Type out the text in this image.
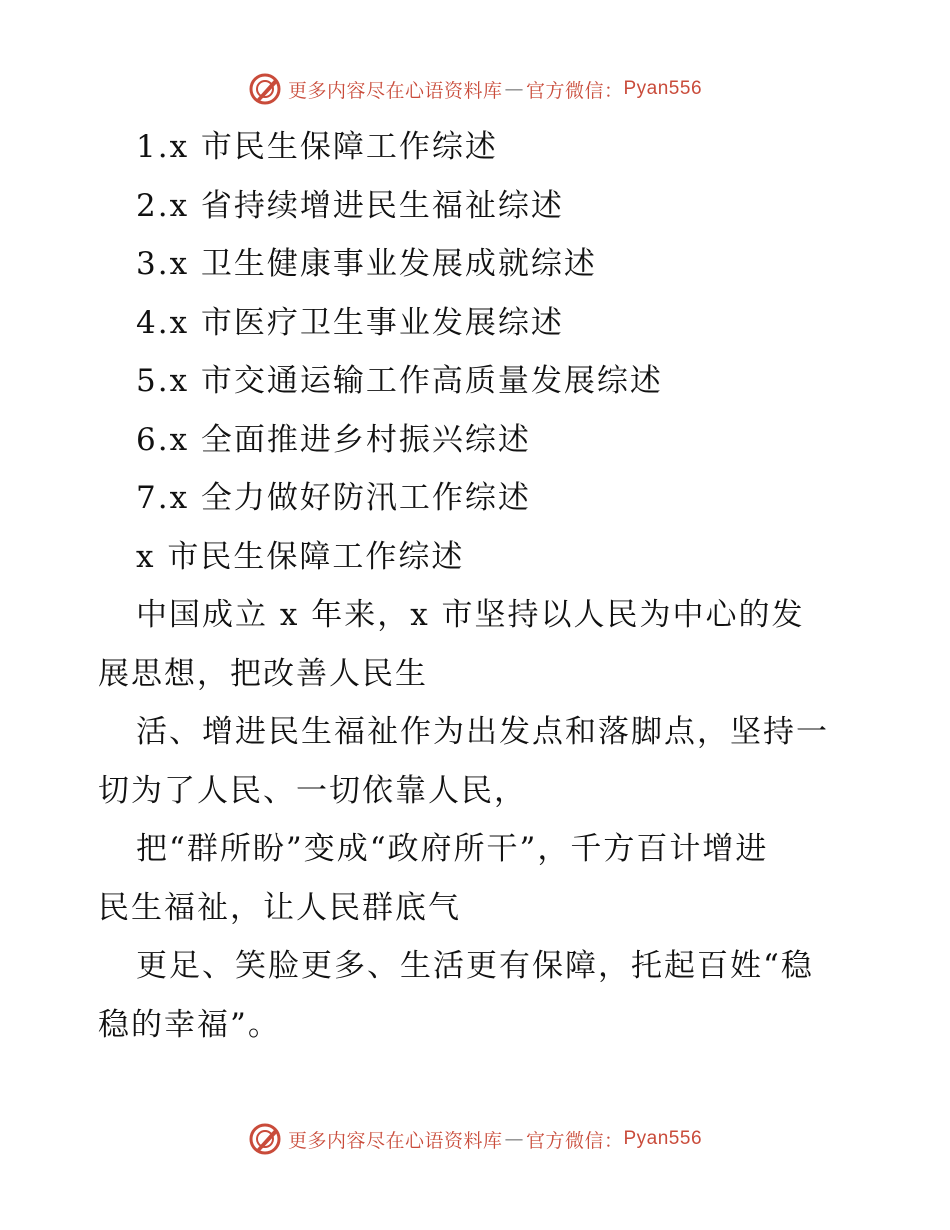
更多内容尽在心语资料库 — 官方微信： Pyan556
1.x 市民生保障工作综述
2.x 省持续增进民生福祉综述
3.x 卫生健康事业发展成就综述
4.x 市医疗卫生事业发展综述
5.x 市交通运输工作高质量发展综述
6.x 全面推进乡村振兴综述
7.x 全力做好防汛工作综述
x 市民生保障工作综述
中国成立 x 年来，x 市坚持以人民为中心的发
展思想，把改善人民生
活、增进民生福祉作为出发点和落脚点，坚持一
切为了人民、一切依靠人民，
把“群所盼”变成“政府所干”，千方百计增进
民生福祉，让人民群底气
更足、笑脸更多、生活更有保障，托起百姓“稳
稳的幸福”。
更多内容尽在心语资料库 — 官方微信： Pyan556
